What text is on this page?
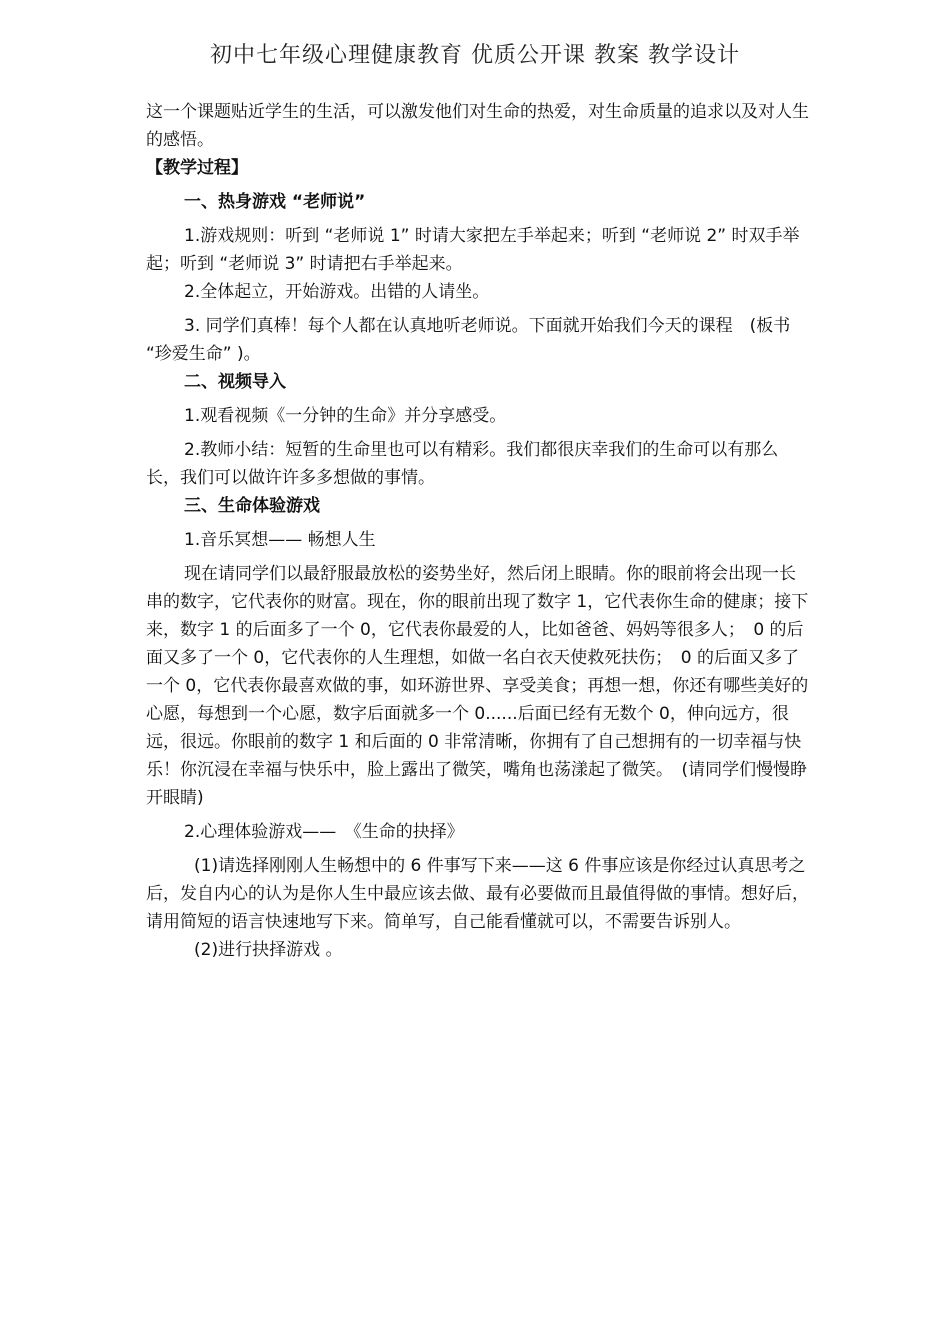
初中七年级心理健康教育 优质公开课 教案 教学设计

这一个课题贴近学生的生活，可以激发他们对生命的热爱，对生命质量的追求以及对人生的感悟。

【教学过程】

一、热身游戏 “老师说”

1.游戏规则：听到 “老师说 1” 时请大家把左手举起来；听到 “老师说 2” 时双手举起；听到 “老师说 3” 时请把右手举起来。

2.全体起立，开始游戏。出错的人请坐。

3. 同学们真棒！每个人都在认真地听老师说。下面就开始我们今天的课程　(板书 “珍爱生命” )。

二、视频导入

1.观看视频《一分钟的生命》并分享感受。

2.教师小结：短暂的生命里也可以有精彩。我们都很庆幸我们的生命可以有那么长，我们可以做许许多多想做的事情。

三、生命体验游戏

1.音乐冥想—— 畅想人生

现在请同学们以最舒服最放松的姿势坐好，然后闭上眼睛。你的眼前将会出现一长串的数字，它代表你的财富。现在，你的眼前出现了数字 1，它代表你生命的健康；接下来，数字 1 的后面多了一个 0，它代表你最爱的人，比如爸爸、妈妈等很多人；　0 的后面又多了一个 0，它代表你的人生理想，如做一名白衣天使救死扶伤；　0 的后面又多了一个 0，它代表你最喜欢做的事，如环游世界、享受美食；再想一想，你还有哪些美好的心愿，每想到一个心愿，数字后面就多一个 0......后面已经有无数个 0，伸向远方，很远，很远。你眼前的数字 1 和后面的 0 非常清晰，你拥有了自己想拥有的一切幸福与快乐！你沉浸在幸福与快乐中，脸上露出了微笑，嘴角也荡漾起了微笑。　(请同学们慢慢睁开眼睛)

2.心理体验游戏——　《生命的抉择》

(1)请选择刚刚人生畅想中的 6 件事写下来——这 6 件事应该是你经过认真思考之后，发自内心的认为是你人生中最应该去做、最有必要做而且最值得做的事情。想好后，请用简短的语言快速地写下来。简单写，自己能看懂就可以，不需要告诉别人。

(2)进行抉择游戏 。
